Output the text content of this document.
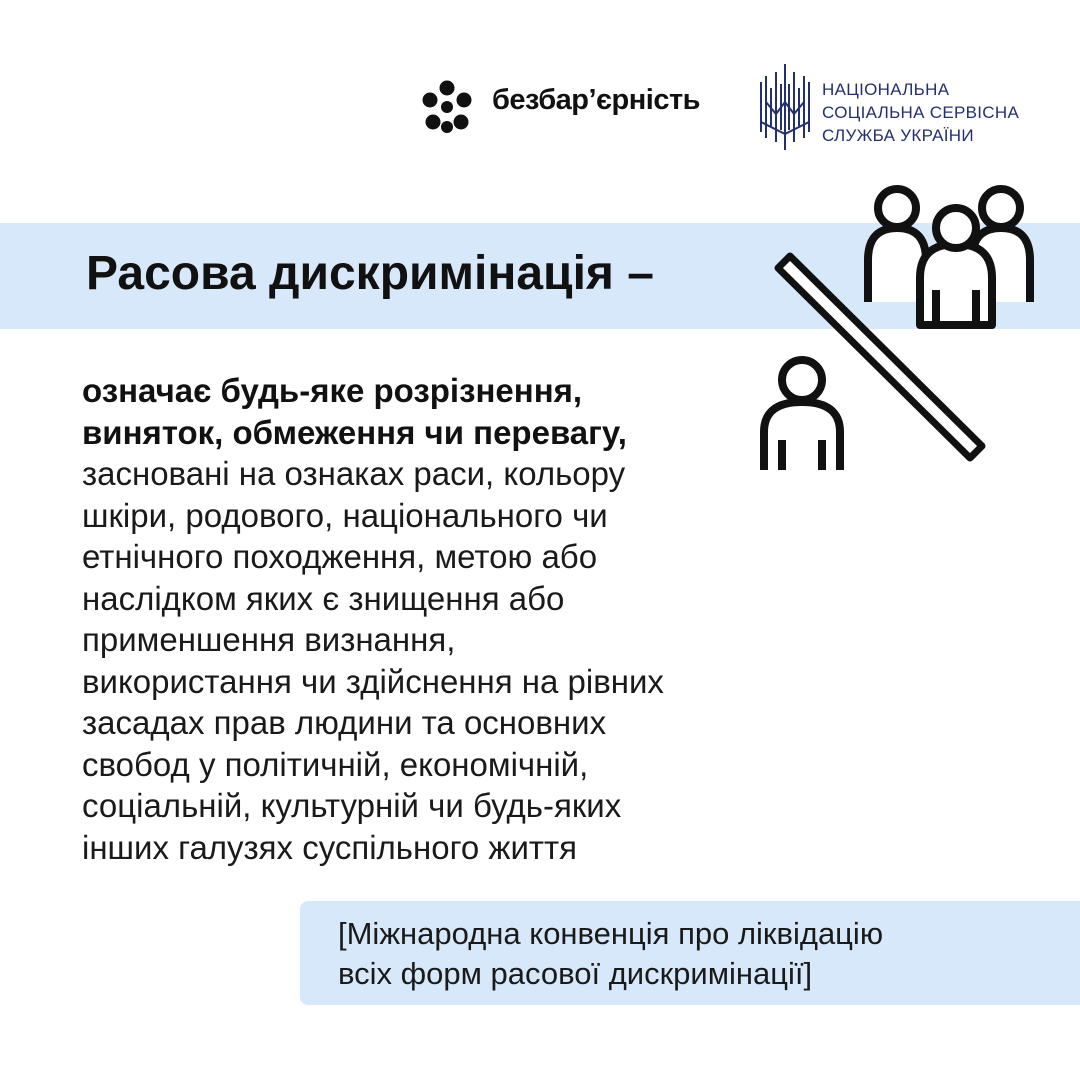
безбар’єрність	НАЦІОНАЛЬНА
СОЦІАЛЬНА СЕРВІСНА
СЛУЖБА УКРАЇНИ
Расова дискримінація –
означає будь-яке розрізнення,
виняток, обмеження чи перевагу,
засновані на ознаках раси, кольору
шкіри, родового, національного чи
етнічного походження, метою або
наслідком яких є знищення або
применшення визнання,
використання чи здійснення на рівних
засадах прав людини та основних
свобод у політичній, економічній,
соціальній, культурній чи будь-яких
інших галузях суспільного життя
[Міжнародна конвенція про ліквідацію
всіх форм расової дискримінації]
